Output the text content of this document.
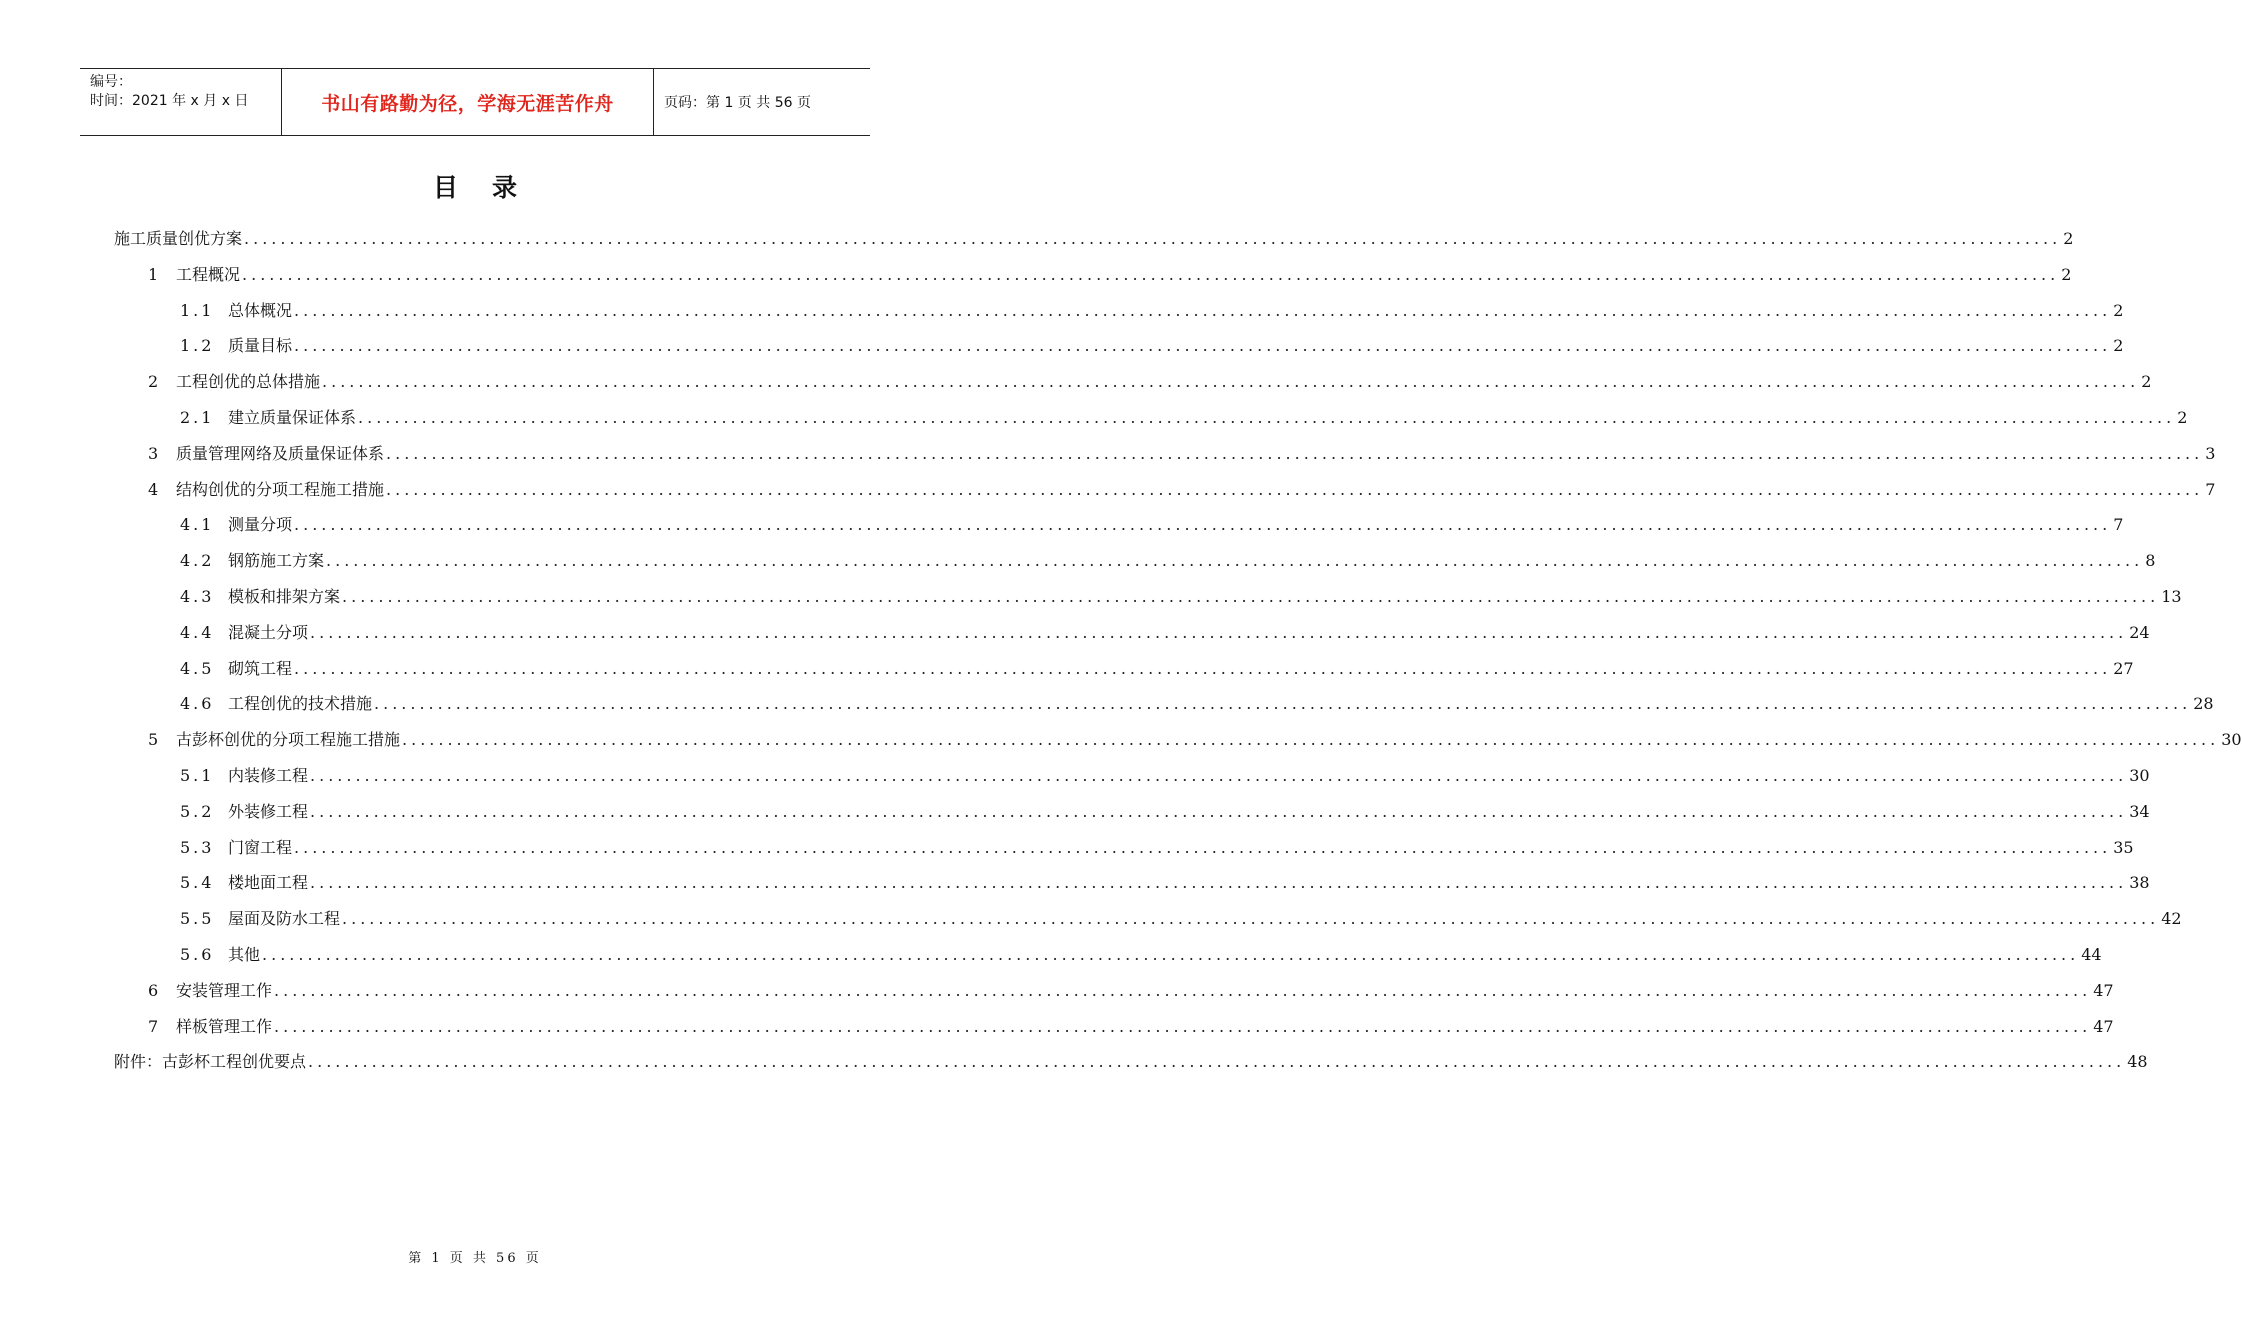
编号：
时间：2021 年 x 月 x 日	书山有路勤为径，学海无涯苦作舟	页码：第 1 页 共 56 页
目录
施工质量创优方案 ........................................................................................................................................................................................................ 2
1	工程概况 ........................................................................................................................................................................................................ 2
1.1 总体概况 ........................................................................................................................................................................................................ 2
1.2 质量目标 ........................................................................................................................................................................................................ 2
2	工程创优的总体措施 ........................................................................................................................................................................................................ 2
2.1 建立质量保证体系 ........................................................................................................................................................................................................ 2
3	质量管理网络及质量保证体系 ........................................................................................................................................................................................................ 3
4	结构创优的分项工程施工措施 ........................................................................................................................................................................................................ 7
4.1 测量分项 ........................................................................................................................................................................................................ 7
4.2 钢筋施工方案 ........................................................................................................................................................................................................ 8
4.3 模板和排架方案 ........................................................................................................................................................................................................ 13
4.4 混凝土分项 ........................................................................................................................................................................................................ 24
4.5 砌筑工程 ........................................................................................................................................................................................................ 27
4.6 工程创优的技术措施 ........................................................................................................................................................................................................ 28
5	古彭杯创优的分项工程施工措施 ........................................................................................................................................................................................................ 30
5.1 内装修工程 ........................................................................................................................................................................................................ 30
5.2 外装修工程 ........................................................................................................................................................................................................ 34
5.3 门窗工程 ........................................................................................................................................................................................................ 35
5.4 楼地面工程 ........................................................................................................................................................................................................ 38
5.5 屋面及防水工程 ........................................................................................................................................................................................................ 42
5.6 其他 ........................................................................................................................................................................................................ 44
6	安装管理工作 ........................................................................................................................................................................................................ 47
7	样板管理工作 ........................................................................................................................................................................................................ 47
附件：古彭杯工程创优要点 ........................................................................................................................................................................................................ 48
第 1 页 共 56 页
